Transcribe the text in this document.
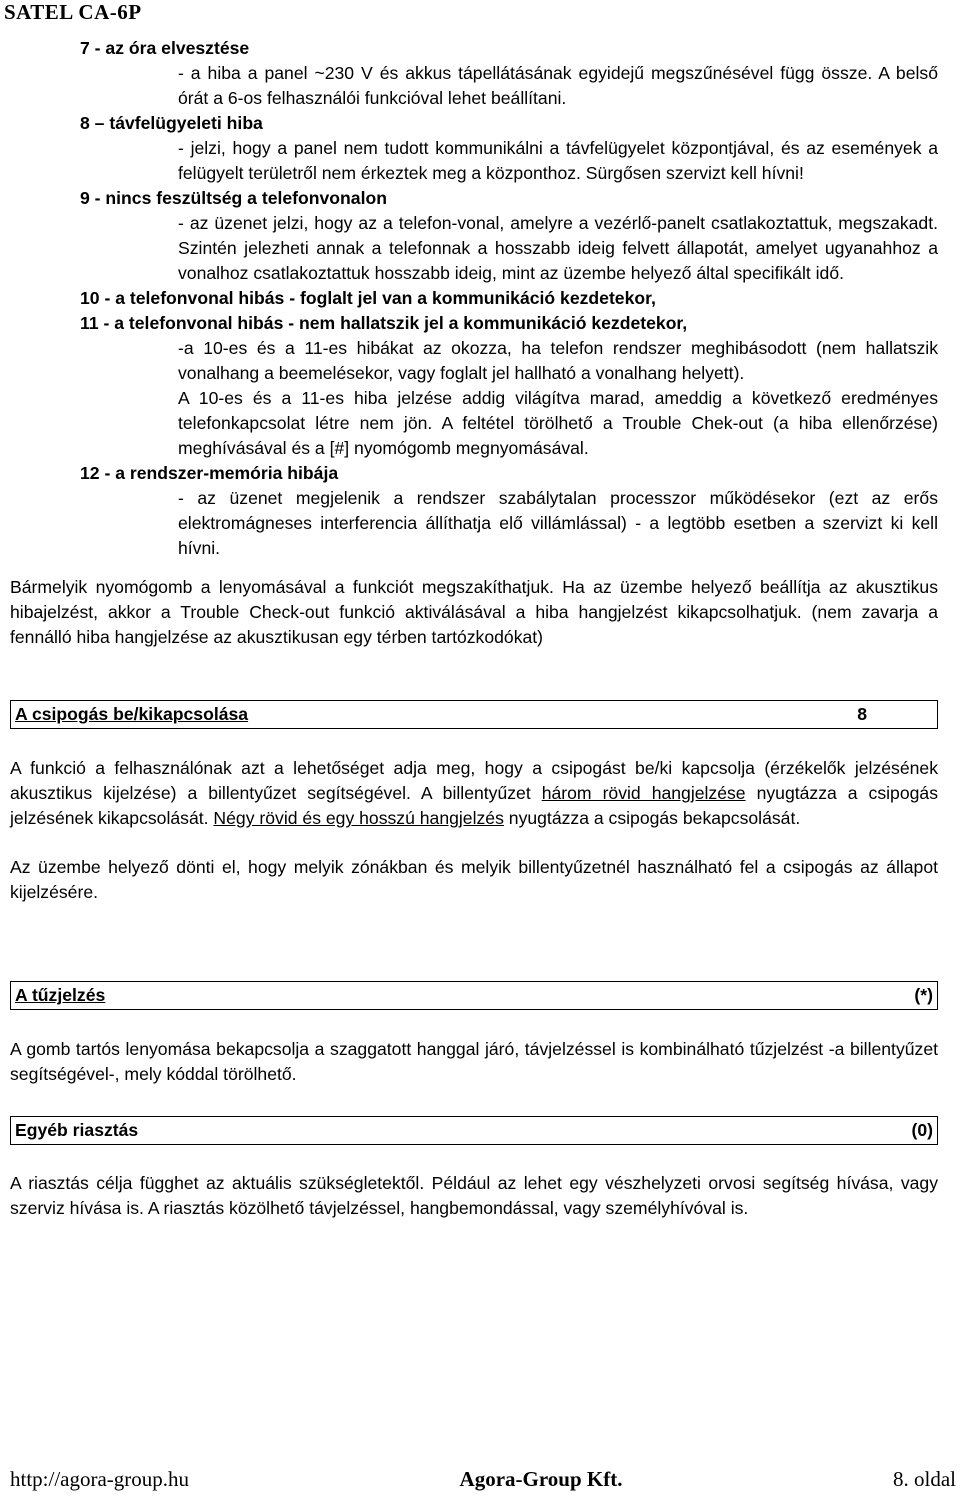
SATEL CA-6P
7 - az óra elvesztése
- a hiba a panel ~230 V és akkus tápellátásának egyidejű megszűnésével függ össze. A belső órát a 6-os felhasználói funkcióval lehet beállítani.
8 – távfelügyeleti hiba
- jelzi, hogy a panel nem tudott kommunikálni a távfelügyelet központjával, és az események a felügyelt területről nem érkeztek meg a központhoz. Sürgősen szervizt kell hívni!
9 - nincs feszültség a telefonvonalon
- az üzenet jelzi, hogy az a telefon-vonal, amelyre a vezérlő-panelt csatlakoztattuk, megszakadt. Szintén jelezheti annak a telefonnak a hosszabb ideig felvett állapotát, amelyet ugyanahhoz a vonalhoz csatlakoztattuk hosszabb ideig, mint az üzembe helyező által specifikált idő.
10 - a telefonvonal hibás - foglalt jel van a kommunikáció kezdetekor,
11 - a telefonvonal hibás - nem hallatszik jel a kommunikáció kezdetekor,
-a 10-es és a 11-es hibákat az okozza, ha telefon rendszer meghibásodott (nem hallatszik vonalhang a beemelésekor, vagy foglalt jel hallható a vonalhang helyett).
A 10-es és a 11-es hiba jelzése addig világítva marad, ameddig a következő eredményes telefonkapcsolat létre nem jön. A feltétel törölhető a Trouble Chek-out (a hiba ellenőrzése) meghívásával és a [#] nyomógomb megnyomásával.
12 - a rendszer-memória hibája
- az üzenet megjelenik a rendszer szabálytalan processzor működésekor (ezt az erős elektromágneses interferencia állíthatja elő villámlással) - a legtöbb esetben a szervizt ki kell hívni.
Bármelyik nyomógomb a lenyomásával a funkciót megszakíthatjuk. Ha az üzembe helyező beállítja az akusztikus hibajelzést, akkor a Trouble Check-out funkció aktiválásával a hiba hangjelzést kikapcsolhatjuk. (nem zavarja a fennálló hiba hangjelzése az akusztikusan egy térben tartózkodókat)
A csipogás be/kikapcsolása	8
A funkció a felhasználónak azt a lehetőséget adja meg, hogy a csipogást be/ki kapcsolja (érzékelők jelzésének akusztikus kijelzése) a billentyűzet segítségével. A billentyűzet három rövid hangjelzése nyugtázza a csipogás jelzésének kikapcsolását. Négy rövid és egy hosszú hangjelzés nyugtázza a csipogás bekapcsolását.
Az üzembe helyező dönti el, hogy melyik zónákban és melyik billentyűzetnél használható fel a csipogás az állapot kijelzésére.
A tűzjelzés	(*)
A gomb tartós lenyomása bekapcsolja a szaggatott hanggal járó, távjelzéssel is kombinálható tűzjelzést -a billentyűzet segítségével-, mely kóddal törölhető.
Egyéb riasztás	(0)
A riasztás célja függhet az aktuális szükségletektől. Például az lehet egy vészhelyzeti orvosi segítség hívása, vagy szerviz hívása is. A riasztás közölhető távjelzéssel, hangbemondással, vagy személyhívóval is.
http://agora-group.hu	Agora-Group Kft.	8. oldal
